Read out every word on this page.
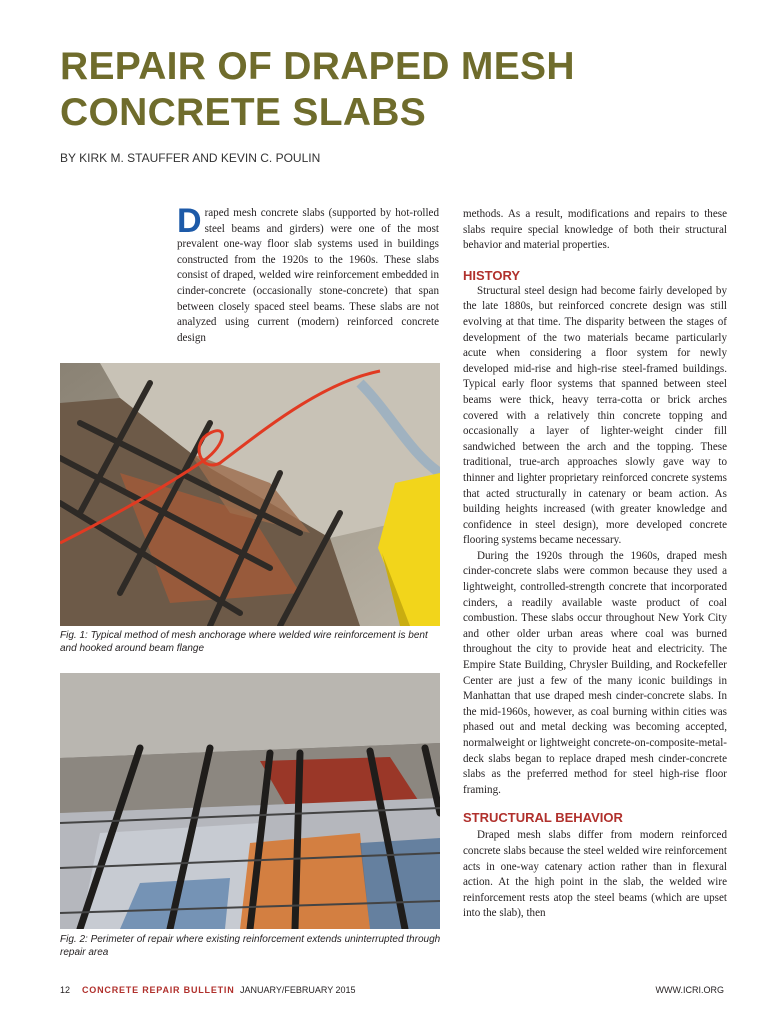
REPAIR OF DRAPED MESH
CONCRETE SLABS
BY KIRK M. STAUFFER AND KEVIN C. POULIN

Draped mesh concrete slabs (supported by hot-rolled steel beams and girders) were one of the most prevalent one-way floor slab systems used in buildings constructed from the 1920s to the 1960s. These slabs consist of draped, welded wire reinforcement embedded in cinder-concrete (occasionally stone-concrete) that span between closely spaced steel beams. These slabs are not analyzed using current (modern) reinforced concrete design

methods. As a result, modifications and repairs to these slabs require special knowledge of both their structural behavior and material properties.

HISTORY

Structural steel design had become fairly developed by the late 1880s, but reinforced concrete design was still evolving at that time. The disparity between the stages of development of the two materials became particularly acute when considering a floor system for newly developed mid-rise and high-rise steel-framed buildings. Typical early floor systems that spanned between steel beams were thick, heavy terra-cotta or brick arches covered with a relatively thin concrete topping and occasionally a layer of lighter-weight cinder fill sandwiched between the arch and the topping. These traditional, true-arch approaches slowly gave way to thinner and lighter proprietary reinforced concrete systems that acted structurally in catenary or beam action. As building heights increased (with greater knowledge and confidence in steel design), more developed concrete flooring systems became necessary.

During the 1920s through the 1960s, draped mesh cinder-concrete slabs were common because they used a lightweight, controlled-strength concrete that incorporated cinders, a readily available waste product of coal combustion. These slabs occur throughout New York City and other older urban areas where coal was burned throughout the city to provide heat and electricity. The Empire State Building, Chrysler Building, and Rockefeller Center are just a few of the many iconic buildings in Manhattan that use draped mesh cinder-concrete slabs. In the mid-1960s, however, as coal burning within cities was phased out and metal decking was becoming accepted, normalweight or lightweight concrete-on-composite-metal-deck slabs began to replace draped mesh cinder-concrete slabs as the preferred method for steel high-rise floor framing.

STRUCTURAL BEHAVIOR

Draped mesh slabs differ from modern reinforced concrete slabs because the steel welded wire reinforcement acts in one-way catenary action rather than in flexural action. At the high point in the slab, the welded wire reinforcement rests atop the steel beams (which are upset into the slab), then

Fig. 1: Typical method of mesh anchorage where welded wire reinforcement is bent and hooked around beam flange
Fig. 2: Perimeter of repair where existing reinforcement extends uninterrupted through repair area
12 CONCRETE REPAIR BULLETIN JANUARY/FEBRUARY 2015	WWW.ICRI.ORG
